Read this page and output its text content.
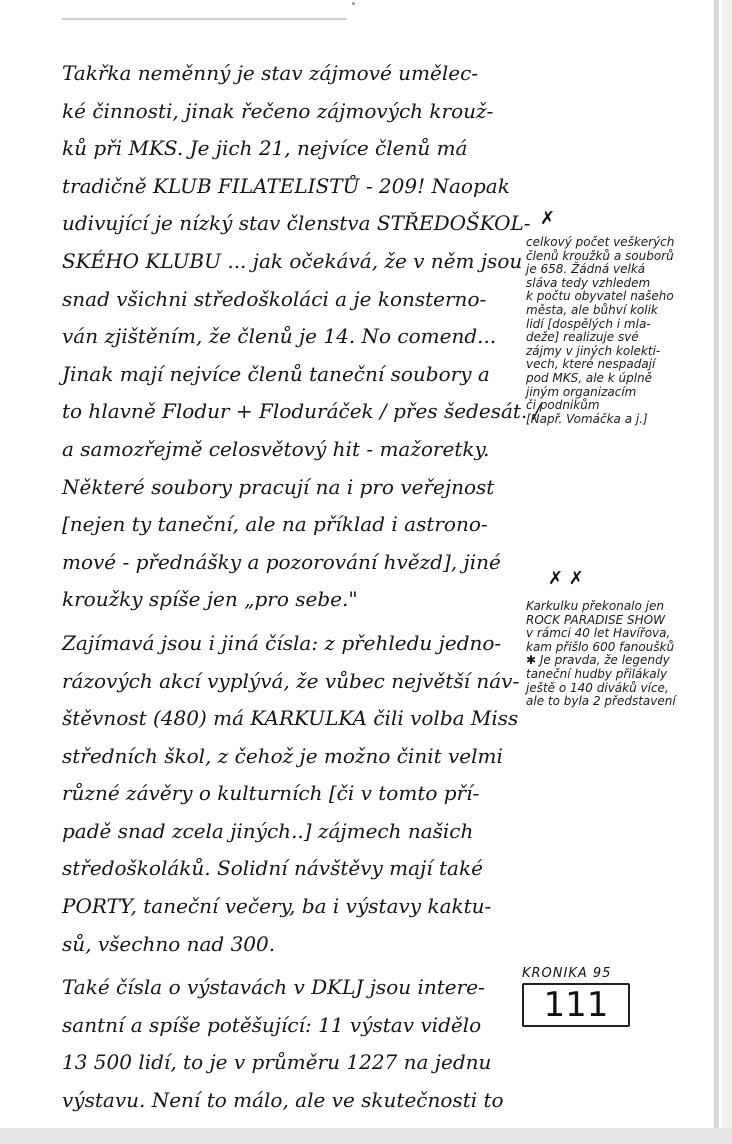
Takřka neměnný je stav zájmové umělec-
ké činnosti, jinak řečeno zájmových krouž-
ků při MKS. Je jich 21, nejvíce členů má
tradičně KLUB FILATELISTŮ - 209! Naopak
udivující je nízký stav členstva STŘEDOŠKOL-
SKÉHO KLUBU ... jak očekává, že v něm jsou
snad všichni středoškoláci a je konsterno-
ván zjištěním, že členů je 14. No comend...
Jinak mají nejvíce členů taneční soubory a
to hlavně Flodur + Floduráček / přes šedesát. /
a samozřejmě celosvětový hit - mažoretky.
Některé soubory pracují na i pro veřejnost
[nejen ty taneční, ale na příklad i astrono-
mové - přednášky a pozorování hvězd], jiné
kroužky spíše jen „pro sebe."
Zajímavá jsou i jiná čísla: z přehledu jedno-
rázových akcí vyplývá, že vůbec největší náv-
štěvnost (480) má KARKULKA čili volba Miss
středních škol, z čehož je možno činit velmi
různé závěry o kulturních [či v tomto pří-
padě snad zcela jiných..] zájmech našich
středoškoláků. Solidní návštěvy mají také
PORTY, taneční večery, ba i výstavy kaktu-
sů, všechno nad 300.
Také čísla o výstavách v DKLJ jsou intere-
santní a spíše potěšující: 11 výstav vidělo
13 500 lidí, to je v průměru 1227 na jednu
výstavu. Není to málo, ale ve skutečnosti to
✗
celkový počet veškerých
členů kroužků a souborů
je 658. Žádná velká
sláva tedy vzhledem
k počtu obyvatel našeho
města, ale bůhví kolik
lidí [dospělých i mla-
deže] realizuje své
zájmy v jiných kolekti-
vech, které nespadají
pod MKS, ale k úplně
jiným organizacím
či podnikům
[Např. Vomáčka a j.]
✗ ✗
Karkulku překonalo jen
ROCK PARADISE SHOW
v rámci 40 let Havířova,
kam přišlo 600 fanoušků
✱ Je pravda, že legendy
taneční hudby přilákaly
ještě o 140 diváků více,
ale to byla 2 představení
KRONIKA 95
111
